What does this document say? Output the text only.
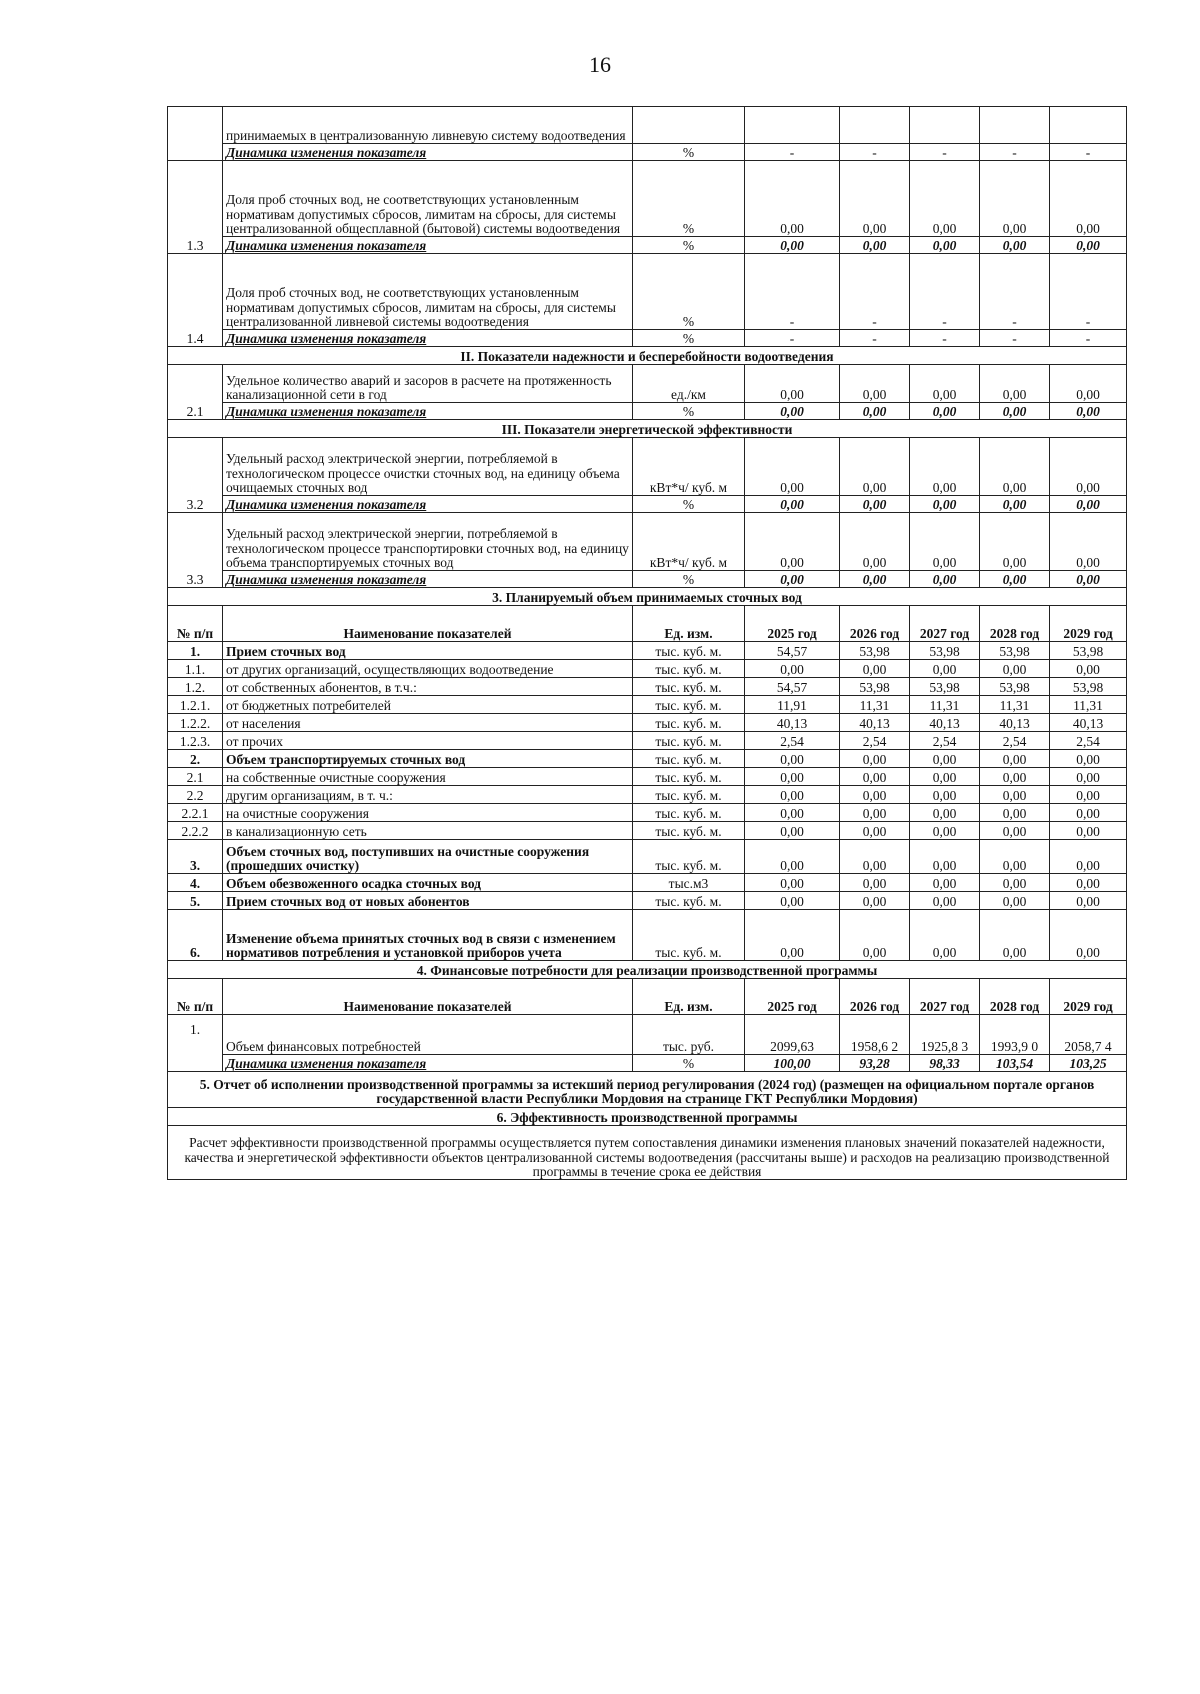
16
	принимаемых в централизованную ливневую систему водоотведения						
	Динамика изменения показателя	%	-	-	-	-	-
1.3	Доля проб сточных вод, не соответствующих установленным нормативам допустимых сбросов, лимитам на сбросы, для системы централизованной общесплавной (бытовой) системы водоотведения	%	0,00	0,00	0,00	0,00	0,00
	Динамика изменения показателя	%	0,00	0,00	0,00	0,00	0,00
1.4	Доля проб сточных вод, не соответствующих установленным нормативам допустимых сбросов, лимитам на сбросы, для системы централизованной ливневой системы водоотведения	%	-	-	-	-	-
	Динамика изменения показателя	%	-	-	-	-	-
II. Показатели надежности и бесперебойности водоотведения							
2.1	Удельное количество аварий и засоров в расчете на протяженность канализационной сети в год	ед./км	0,00	0,00	0,00	0,00	0,00
	Динамика изменения показателя	%	0,00	0,00	0,00	0,00	0,00
III. Показатели энергетической эффективности							
3.2	Удельный расход электрической энергии, потребляемой в технологическом процессе очистки сточных вод, на единицу объема очищаемых сточных вод	кВт*ч/ куб. м	0,00	0,00	0,00	0,00	0,00
	Динамика изменения показателя	%	0,00	0,00	0,00	0,00	0,00
3.3	Удельный расход электрической энергии, потребляемой в технологическом процессе транспортировки сточных вод, на единицу объема транспортируемых сточных вод	кВт*ч/ куб. м	0,00	0,00	0,00	0,00	0,00
	Динамика изменения показателя	%	0,00	0,00	0,00	0,00	0,00
3. Планируемый объем принимаемых сточных вод							
№ п/п	Наименование показателей	Ед. изм.	2025 год	2026 год	2027 год	2028 год	2029 год
1.	Прием сточных вод	тыс. куб. м.	54,57	53,98	53,98	53,98	53,98
1.1.	от других организаций, осуществляющих водоотведение	тыс. куб. м.	0,00	0,00	0,00	0,00	0,00
1.2.	от собственных абонентов, в т.ч.:	тыс. куб. м.	54,57	53,98	53,98	53,98	53,98
1.2.1.	от бюджетных потребителей	тыс. куб. м.	11,91	11,31	11,31	11,31	11,31
1.2.2.	от населения	тыс. куб. м.	40,13	40,13	40,13	40,13	40,13
1.2.3.	от прочих	тыс. куб. м.	2,54	2,54	2,54	2,54	2,54
2.	Объем транспортируемых сточных вод	тыс. куб. м.	0,00	0,00	0,00	0,00	0,00
2.1	на собственные очистные сооружения	тыс. куб. м.	0,00	0,00	0,00	0,00	0,00
2.2	другим организациям, в т. ч.:	тыс. куб. м.	0,00	0,00	0,00	0,00	0,00
2.2.1	на очистные сооружения	тыс. куб. м.	0,00	0,00	0,00	0,00	0,00
2.2.2	в канализационную сеть	тыс. куб. м.	0,00	0,00	0,00	0,00	0,00
3.	Объем сточных вод, поступивших на очистные сооружения (прошедших очистку)	тыс. куб. м.	0,00	0,00	0,00	0,00	0,00
4.	Объем обезвоженного осадка сточных вод	тыс.м3	0,00	0,00	0,00	0,00	0,00
5.	Прием сточных вод от новых абонентов	тыс. куб. м.	0,00	0,00	0,00	0,00	0,00
6.	Изменение объема принятых сточных вод в связи с изменением нормативов потребления и установкой приборов учета	тыс. куб. м.	0,00	0,00	0,00	0,00	0,00
4. Финансовые потребности для реализации производственной программы							
№ п/п	Наименование показателей	Ед. изм.	2025 год	2026 год	2027 год	2028 год	2029 год
1.	Объем финансовых потребностей	тыс. руб.	2099,63	1958,6 2	1925,8 3	1993,9 0	2058,7 4
	Динамика изменения показателя	%	100,00	93,28	98,33	103,54	103,25
5. Отчет об исполнении производственной программы за истекший период регулирования (2024 год) (размещен на официальном портале органов государственной власти Республики Мордовия на странице ГКТ Республики Мордовия)							
6. Эффективность производственной программы							
Расчет эффективности производственной программы осуществляется путем сопоставления динамики изменения плановых значений показателей надежности, качества и энергетической эффективности объектов централизованной системы водоотведения (рассчитаны выше) и расходов на реализацию производственной программы в течение срока ее действия							
